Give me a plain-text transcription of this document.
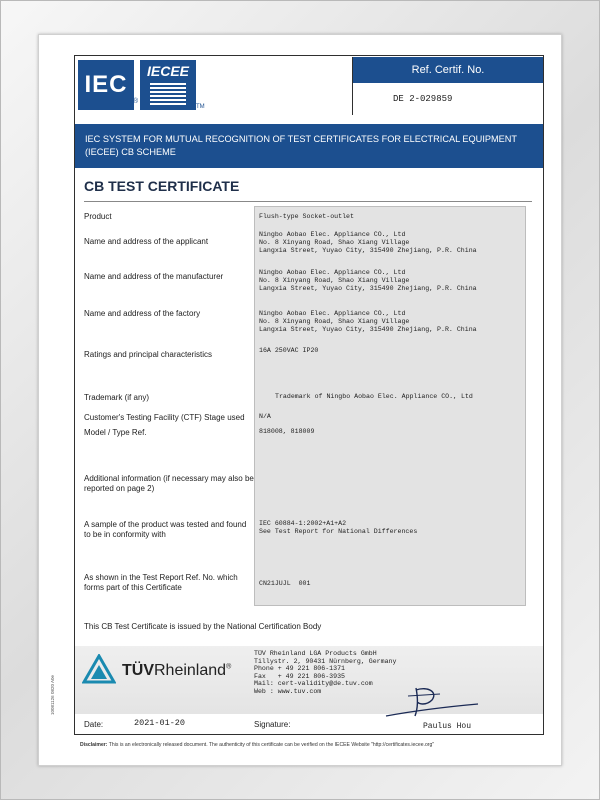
IEC
®
IECEE
TM
Ref. Certif. No.
DE 2-029859
IEC SYSTEM FOR MUTUAL RECOGNITION OF TEST CERTIFICATES FOR ELECTRICAL EQUIPMENT (IECEE) CB SCHEME
CB TEST CERTIFICATE
Product
Name and address of the applicant
Name and address of the manufacturer
Name and address of the factory
Ratings and principal characteristics
Trademark (if any)
Customer's Testing Facility (CTF) Stage used
Model / Type Ref.
Additional information (if necessary may also be reported on page 2)
A sample of the product was tested and found to be in conformity with
As shown in the Test Report Ref. No. which forms part of this Certificate
Flush-type Socket-outlet
Ningbo Aobao Elec. Appliance CO., Ltd
No. 8 Xinyang Road, Shao Xiang Village
Langxia Street, Yuyao City, 315490 Zhejiang, P.R. China
Ningbo Aobao Elec. Appliance CO., Ltd
No. 8 Xinyang Road, Shao Xiang Village
Langxia Street, Yuyao City, 315490 Zhejiang, P.R. China
Ningbo Aobao Elec. Appliance CO., Ltd
No. 8 Xinyang Road, Shao Xiang Village
Langxia Street, Yuyao City, 315490 Zhejiang, P.R. China
16A 250VAC IP20
Trademark of Ningbo Aobao Elec. Appliance CO., Ltd
N/A
818008, 818009
IEC 60884-1:2002+A1+A2
See Test Report for National Differences
CN21JUJL  001
This CB Test Certificate is issued by the National Certification Body
TÜVRheinland®
TÜV Rheinland LGA Products GmbH
Tillystr. 2, 90431 Nürnberg, Germany
Phone + 49 221 806-1371
Fax   + 49 221 806-3935
Mail: cert-validity@de.tuv.com
Web : www.tuv.com
Paulus Hou
Date:	2021-01-20	Signature:
10081126 0820 A0e
Disclaimer: This is an electronically released document. The authenticity of this certificate can be verified on the IECEE Website "http://certificates.iecee.org"
